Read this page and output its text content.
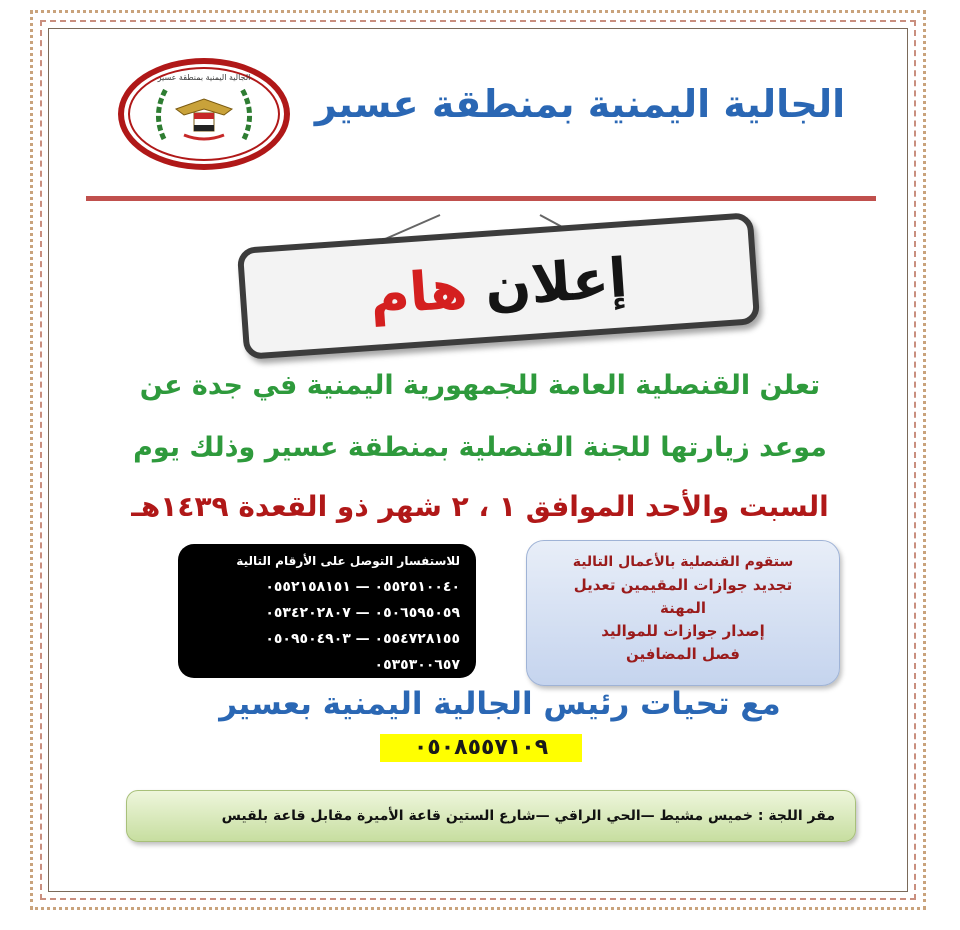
الجالية اليمنية بمنطقة عسير
الجالية اليمنية بمنطقة عسير
إعلان
هام
تعلن القنصلية العامة للجمهورية اليمنية في جدة عن
موعد زيارتها للجنة القنصلية بمنطقة عسير وذلك يوم
السبت والأحد الموافق ١ ، ٢ شهر ذو القعدة ١٤٣٩هـ
للاستفسار التوصل على الأرقام التالية
٠٥٥٢٥١٠٠٤٠ — ٠٥٥٢١٥٨١٥١
٠٥٠٦٥٩٥٠٥٩ — ٠٥٣٤٢٠٢٨٠٧
٠٥٥٤٧٢٨١٥٥ — ٠٥٠٩٥٠٤٩٠٣
٠٥٣٥٣٠٠٦٥٧
ستقوم القنصلية بالأعمال التالية
تجديد جوازات المقيمين تعديل
المهنة
إصدار جوازات للمواليد
فصل المضافين
مع تحيات رئيس الجالية اليمنية بعسير
٠٥٠٨٥٥٧١٠٩
مقر اللجة : خميس مشيط —الحي الراقي —شارع الستين قاعة الأميرة مقابل قاعة بلقيس
